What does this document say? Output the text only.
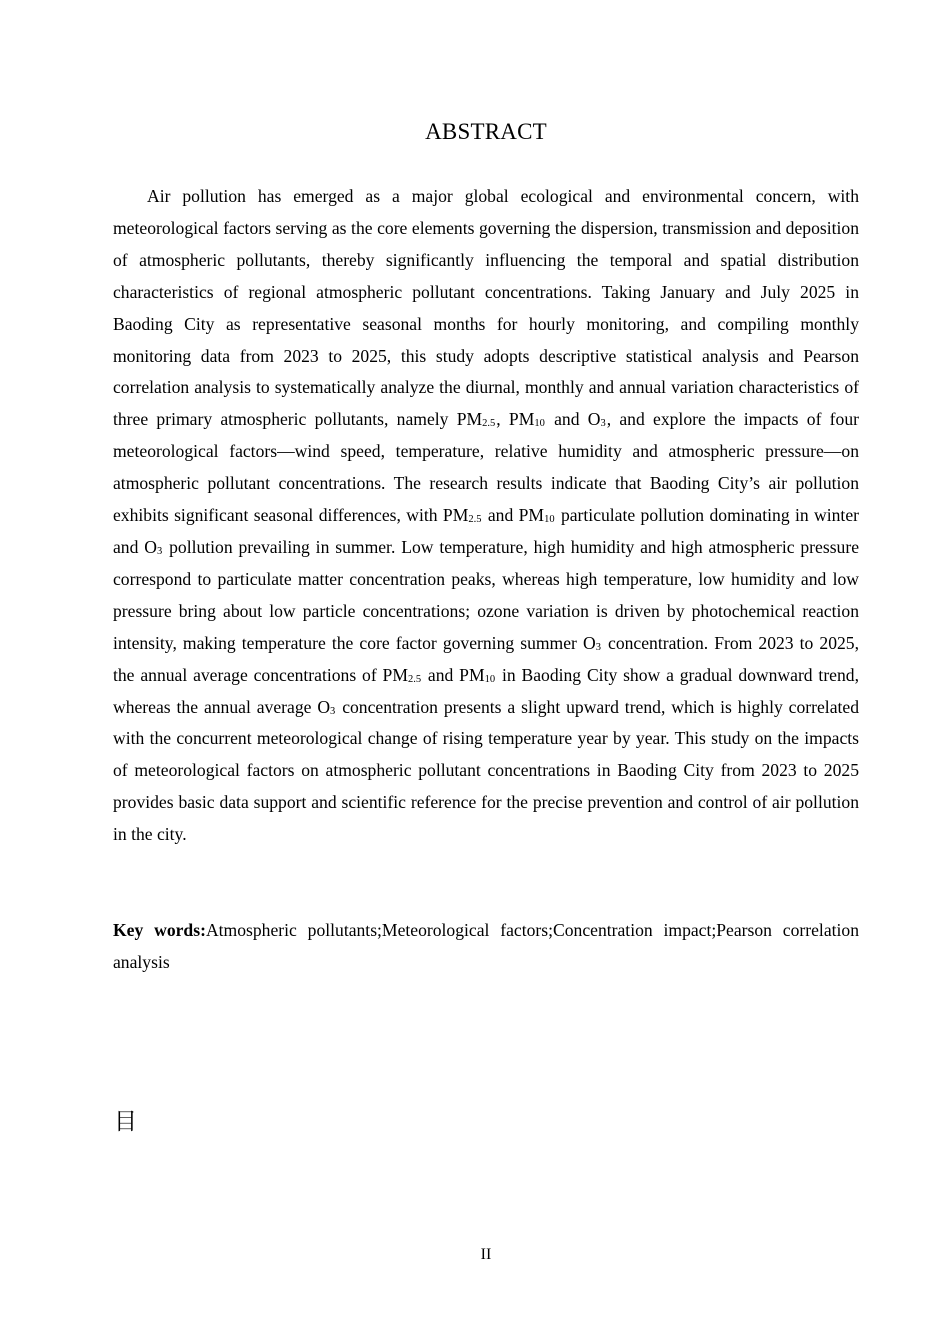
ABSTRACT

Air pollution has emerged as a major global ecological and environmental concern, with meteorological factors serving as the core elements governing the dispersion, transmission and deposition of atmospheric pollutants, thereby significantly influencing the temporal and spatial distribution characteristics of regional atmospheric pollutant concentrations. Taking January and July 2025 in Baoding City as representative seasonal months for hourly monitoring, and compiling monthly monitoring data from 2023 to 2025, this study adopts descriptive statistical analysis and Pearson correlation analysis to systematically analyze the diurnal, monthly and annual variation characteristics of three primary atmospheric pollutants, namely $PM_{2.5}$, $PM_{10}$ and $O_3$, and explore the impacts of four meteorological factors—wind speed, temperature, relative humidity and atmospheric pressure—on atmospheric pollutant concentrations. The research results indicate that Baoding City’s air pollution exhibits significant seasonal differences, with $PM_{2.5}$ and $PM_{10}$ particulate pollution dominating in winter and $O_3$ pollution prevailing in summer. Low temperature, high humidity and high atmospheric pressure correspond to particulate matter concentration peaks, whereas high temperature, low humidity and low pressure bring about low particle concentrations; ozone variation is driven by photochemical reaction intensity, making temperature the core factor governing summer $O_3$ concentration. From 2023 to 2025, the annual average concentrations of $PM_{2.5}$ and $PM_{10}$ in Baoding City show a gradual downward trend, whereas the annual average $O_3$ concentration presents a slight upward trend, which is highly correlated with the concurrent meteorological change of rising temperature year by year. This study on the impacts of meteorological factors on atmospheric pollutant concentrations in Baoding City from 2023 to 2025 provides basic data support and scientific reference for the precise prevention and control of air pollution in the city.

Key words:Atmospheric pollutants;Meteorological factors;Concentration impact;Pearson correlation analysis

目
II
